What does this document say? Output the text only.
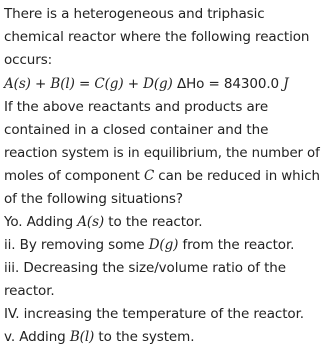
There is a heterogeneous and triphasic
chemical reactor where the following reaction
occurs:
A(s) + B(l) = C(g) + D(g) ΔHo = 84300.0 J
If the above reactants and products are
contained in a closed container and the
reaction system is in equilibrium, the number of
moles of component C can be reduced in which
of the following situations?
Yo. Adding A(s) to the reactor.
ii. By removing some D(g) from the reactor.
iii. Decreasing the size/volume ratio of the
reactor.
IV. increasing the temperature of the reactor.
v. Adding B(l) to the system.
